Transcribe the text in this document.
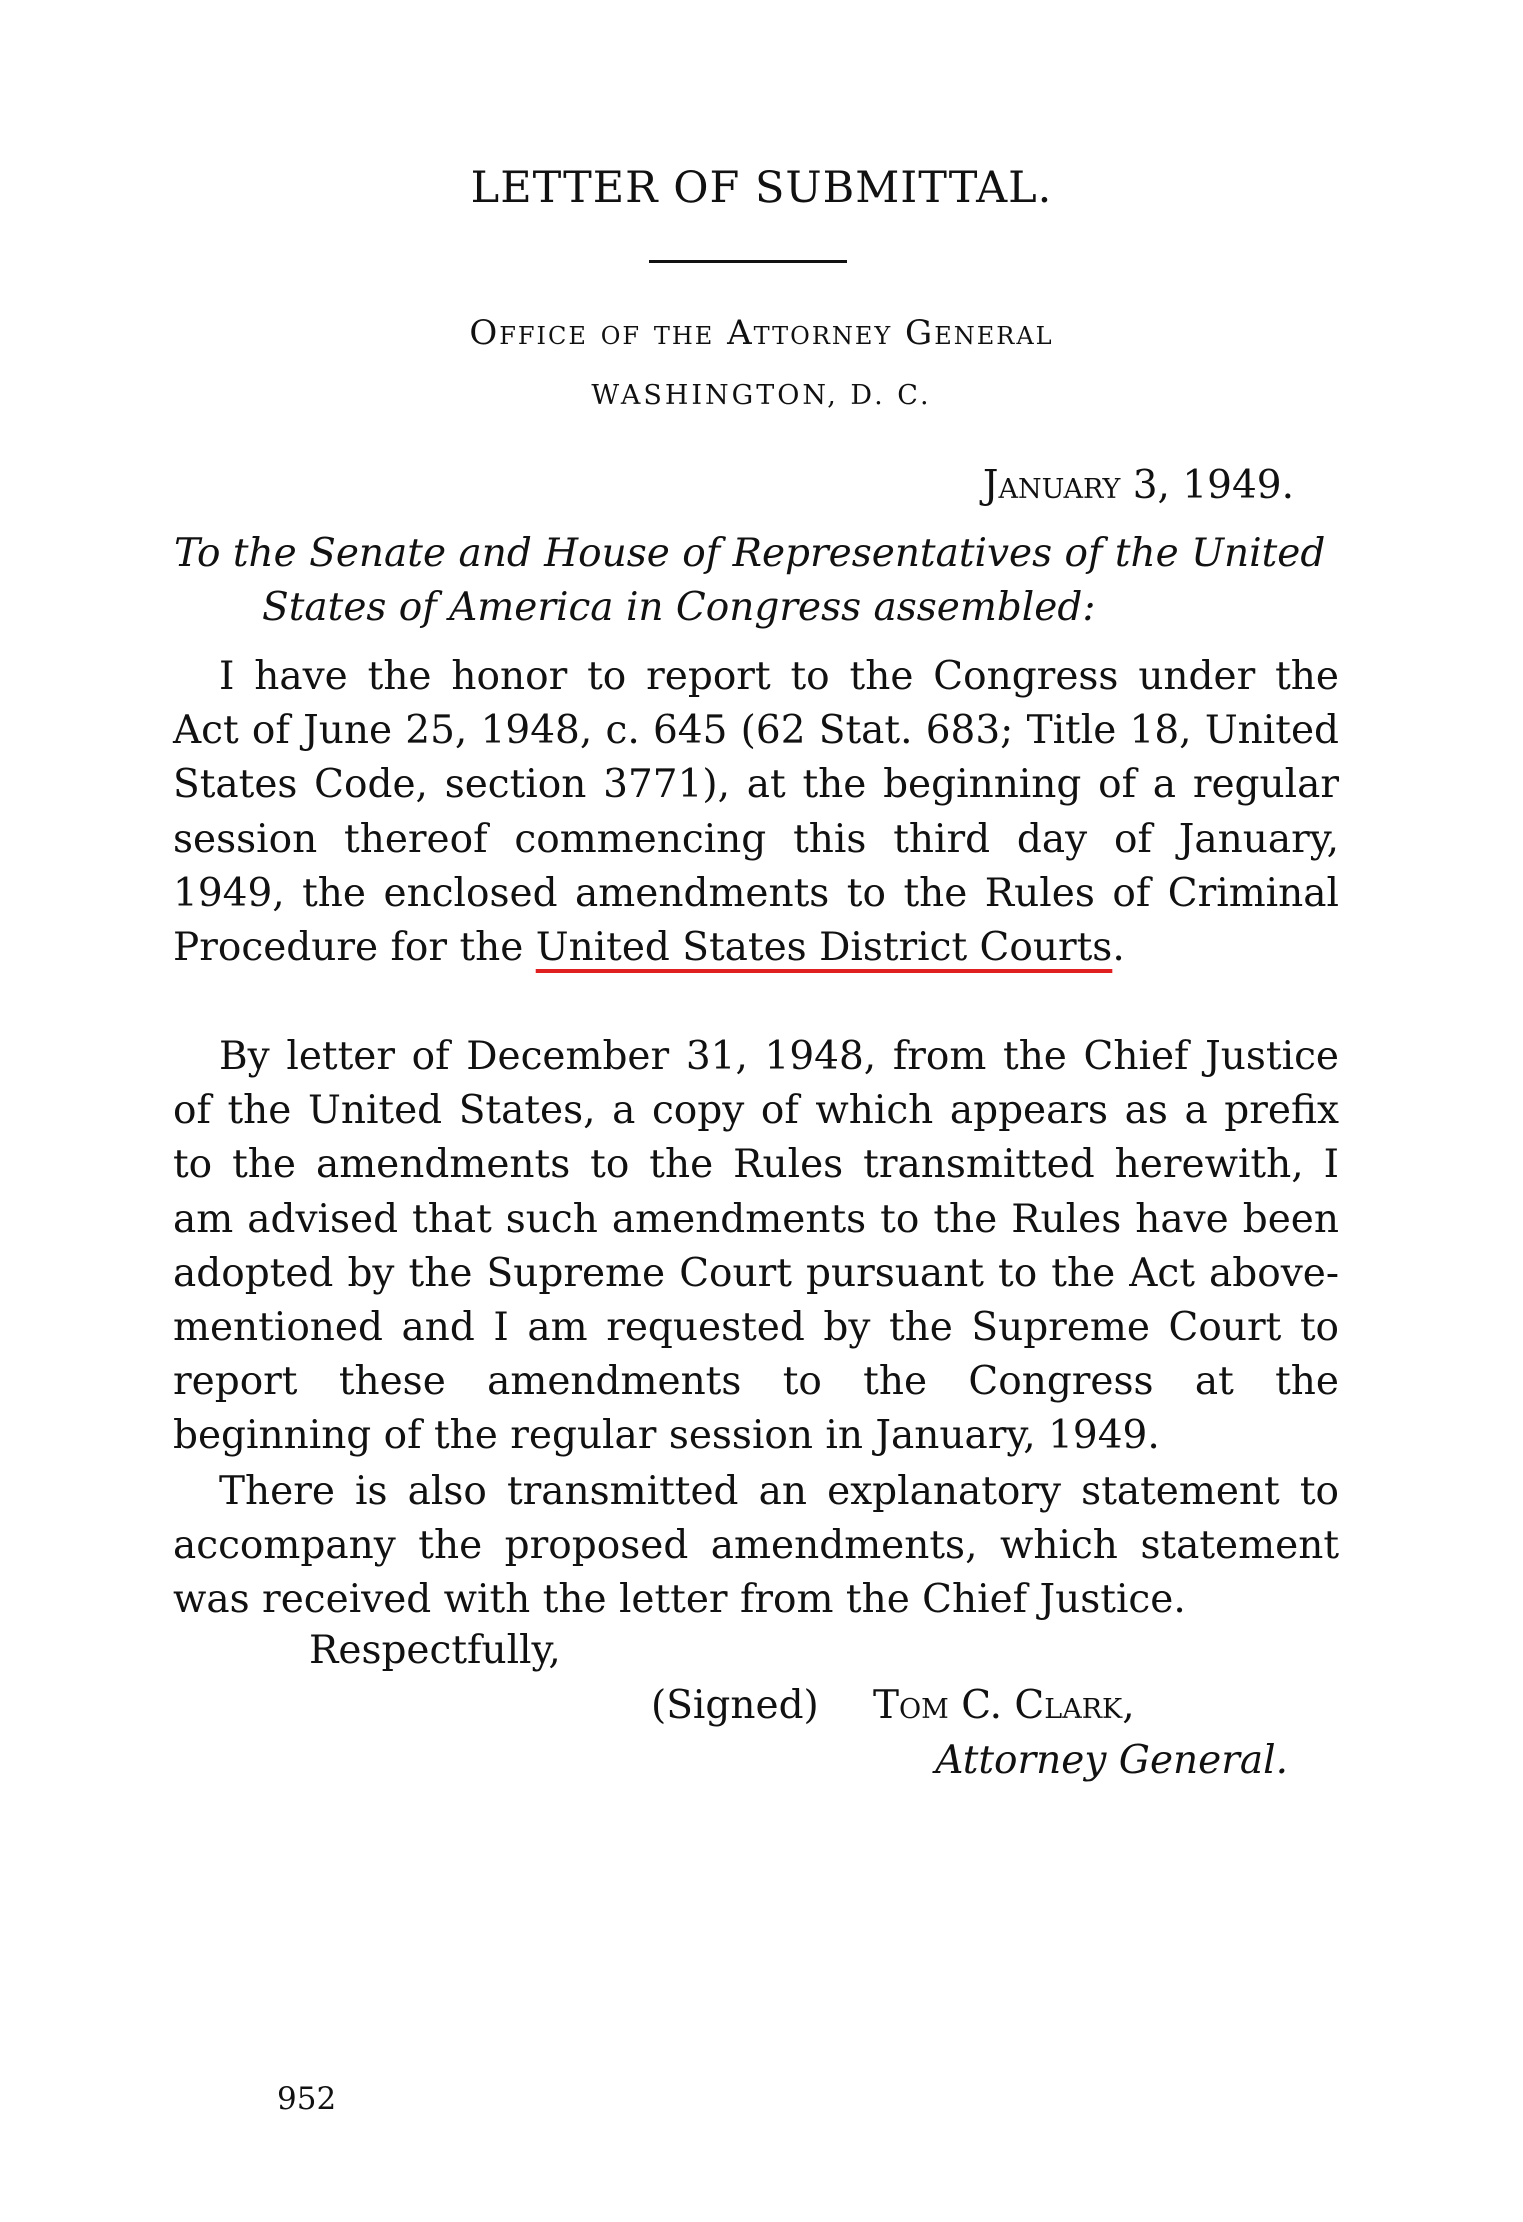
LETTER OF SUBMITTAL.
Office of the Attorney General
WASHINGTON, D. C.
January 3, 1949.
To the Senate and House of Representatives of the United
States of America in Congress assembled:
I have the honor to report to the Congress under the Act of June 25, 1948, c. 645 (62 Stat. 683; Title 18, United States Code, section 3771), at the beginning of a regular session thereof commencing this third day of January, 1949, the enclosed amendments to the Rules of Criminal Procedure for the United States District Courts.
By letter of December 31, 1948, from the Chief Justice of the United States, a copy of which appears as a prefix to the amendments to the Rules transmitted herewith, I am advised that such amendments to the Rules have been adopted by the Supreme Court pursuant to the Act above-mentioned and I am requested by the Supreme Court to report these amendments to the Congress at the beginning of the regular session in January, 1949.
There is also transmitted an explanatory statement to accompany the proposed amendments, which statement was received with the letter from the Chief Justice.
Respectfully,
(Signed) Tom C. Clark,
Attorney General.
952
